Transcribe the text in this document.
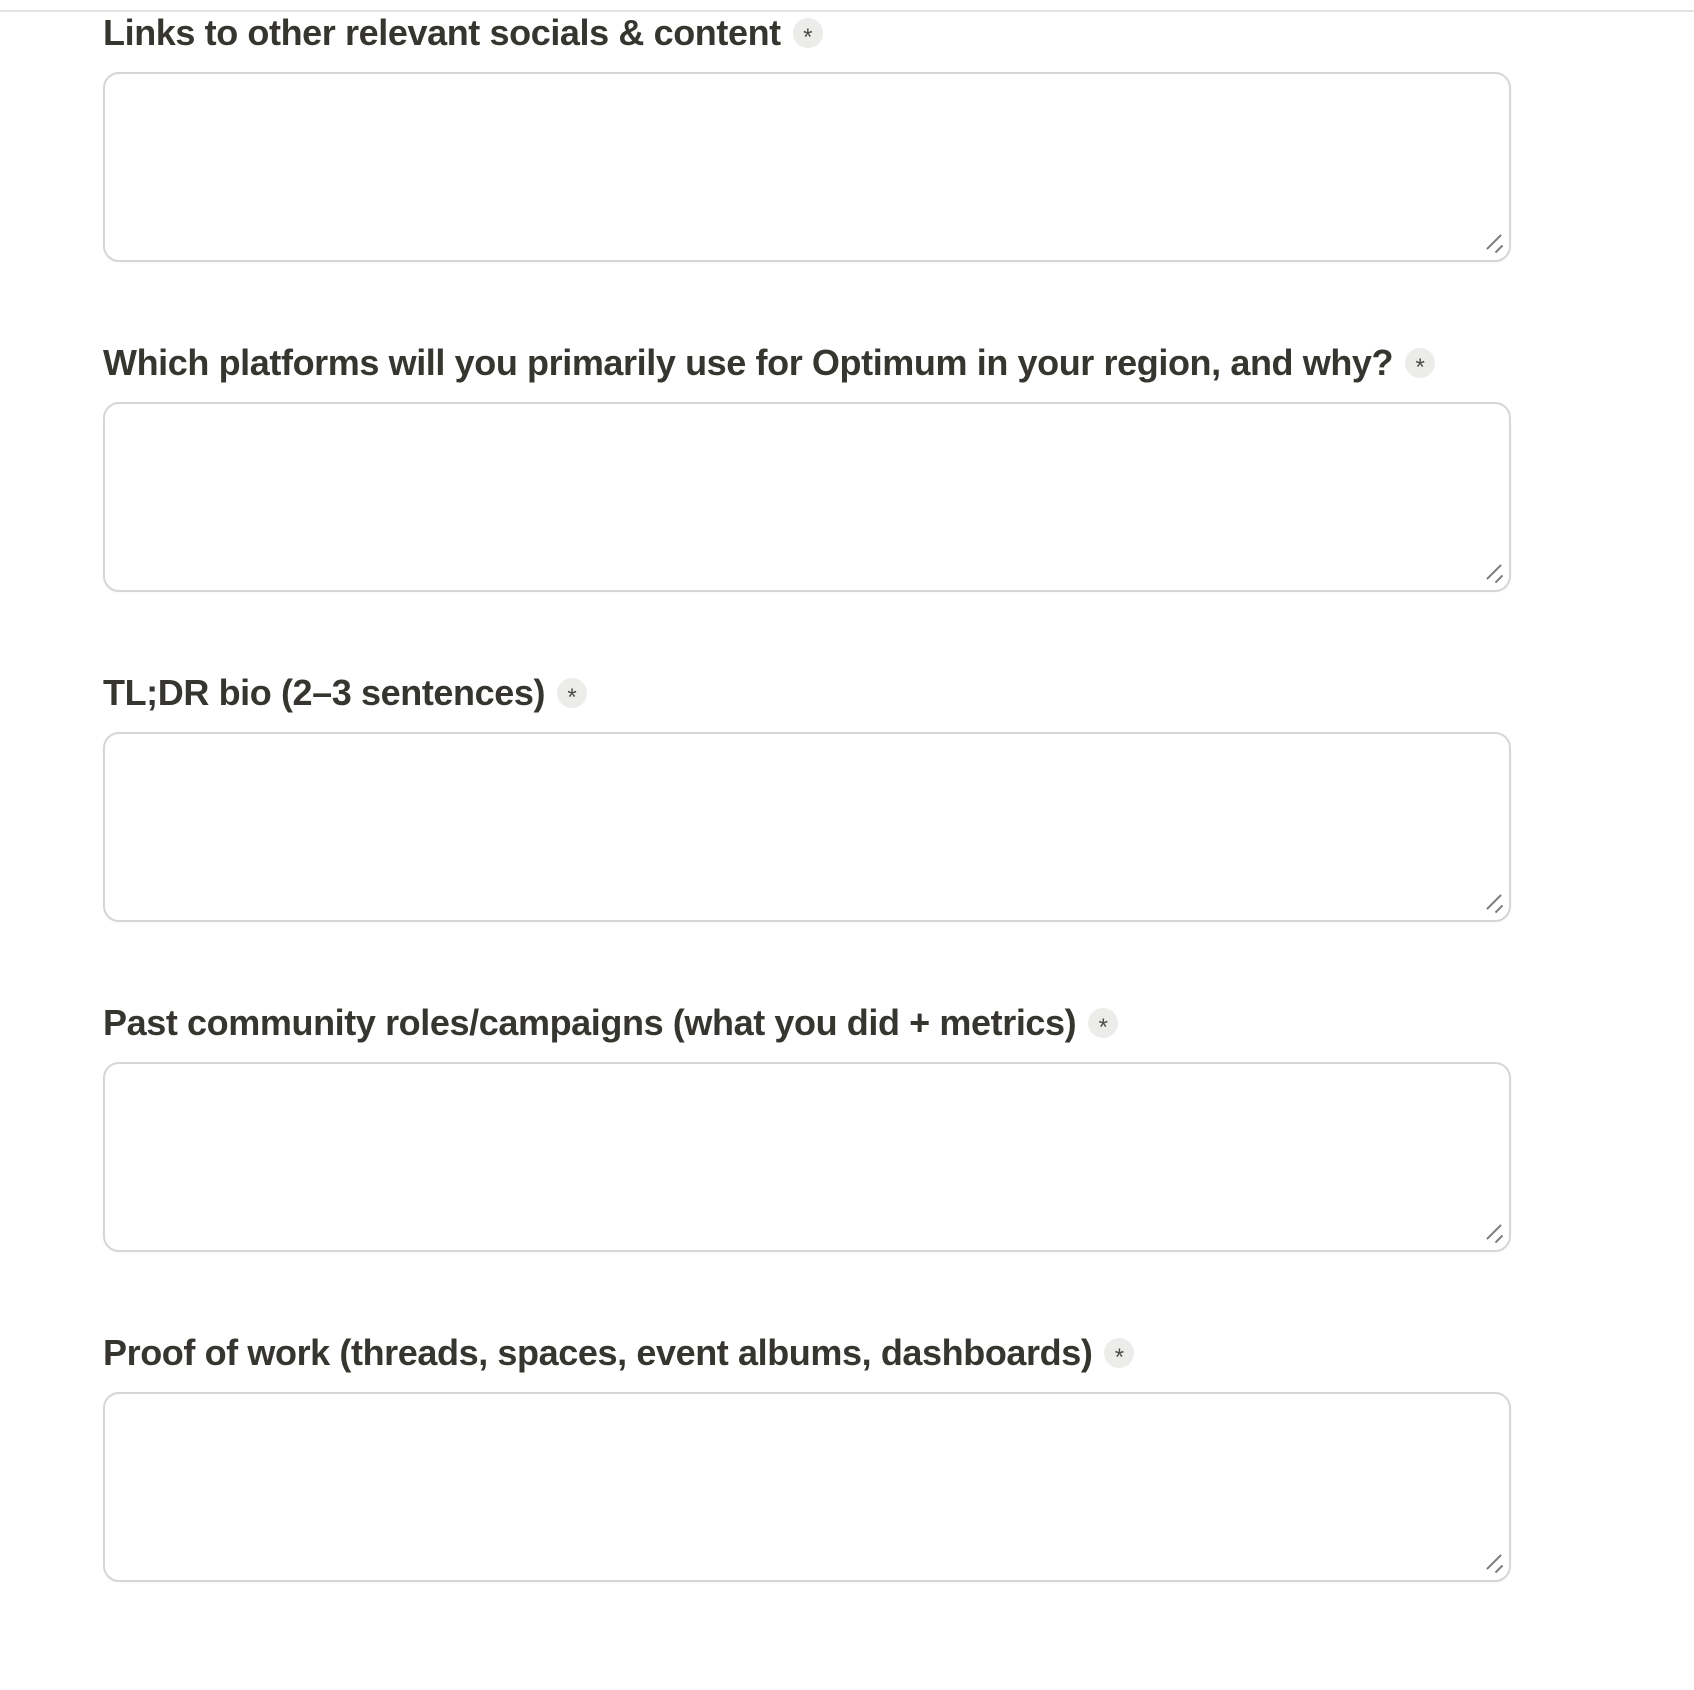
Links to other relevant socials & content *
Which platforms will you primarily use for Optimum in your region, and why? *
TL;DR bio (2–3 sentences) *
Past community roles/campaigns (what you did + metrics) *
Proof of work (threads, spaces, event albums, dashboards) *
